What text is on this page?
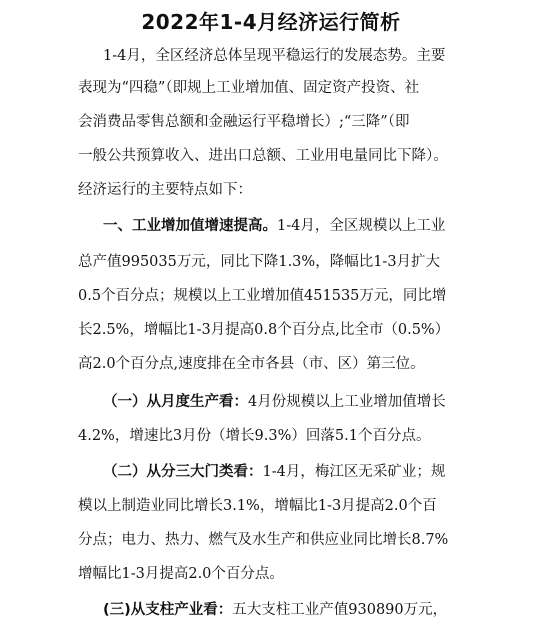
2022年1-4月经济运行简析
1-4月，全区经济总体呈现平稳运行的发展态势。主要
表现为“四稳”（即规上工业增加值、固定资产投资、社
会消费品零售总额和金融运行平稳增长）;“三降”（即
一般公共预算收入、进出口总额、工业用电量同比下降）。
经济运行的主要特点如下：
一、工业增加值增速提高。1-4月，全区规模以上工业
总产值995035万元，同比下降1.3%，降幅比1-3月扩大
0.5个百分点；规模以上工业增加值451535万元，同比增
长2.5%，增幅比1-3月提高0.8个百分点,比全市（0.5%）
高2.0个百分点,速度排在全市各县（市、区）第三位。
（一）从月度生产看：4月份规模以上工业增加值增长
4.2%，增速比3月份（增长9.3%）回落5.1个百分点。
（二）从分三大门类看：1-4月，梅江区无采矿业；规
模以上制造业同比增长3.1%，增幅比1-3月提高2.0个百
分点；电力、热力、燃气及水生产和供应业同比增长8.7%
增幅比1-3月提高2.0个百分点。
(三)从支柱产业看：五大支柱工业产值930890万元，
